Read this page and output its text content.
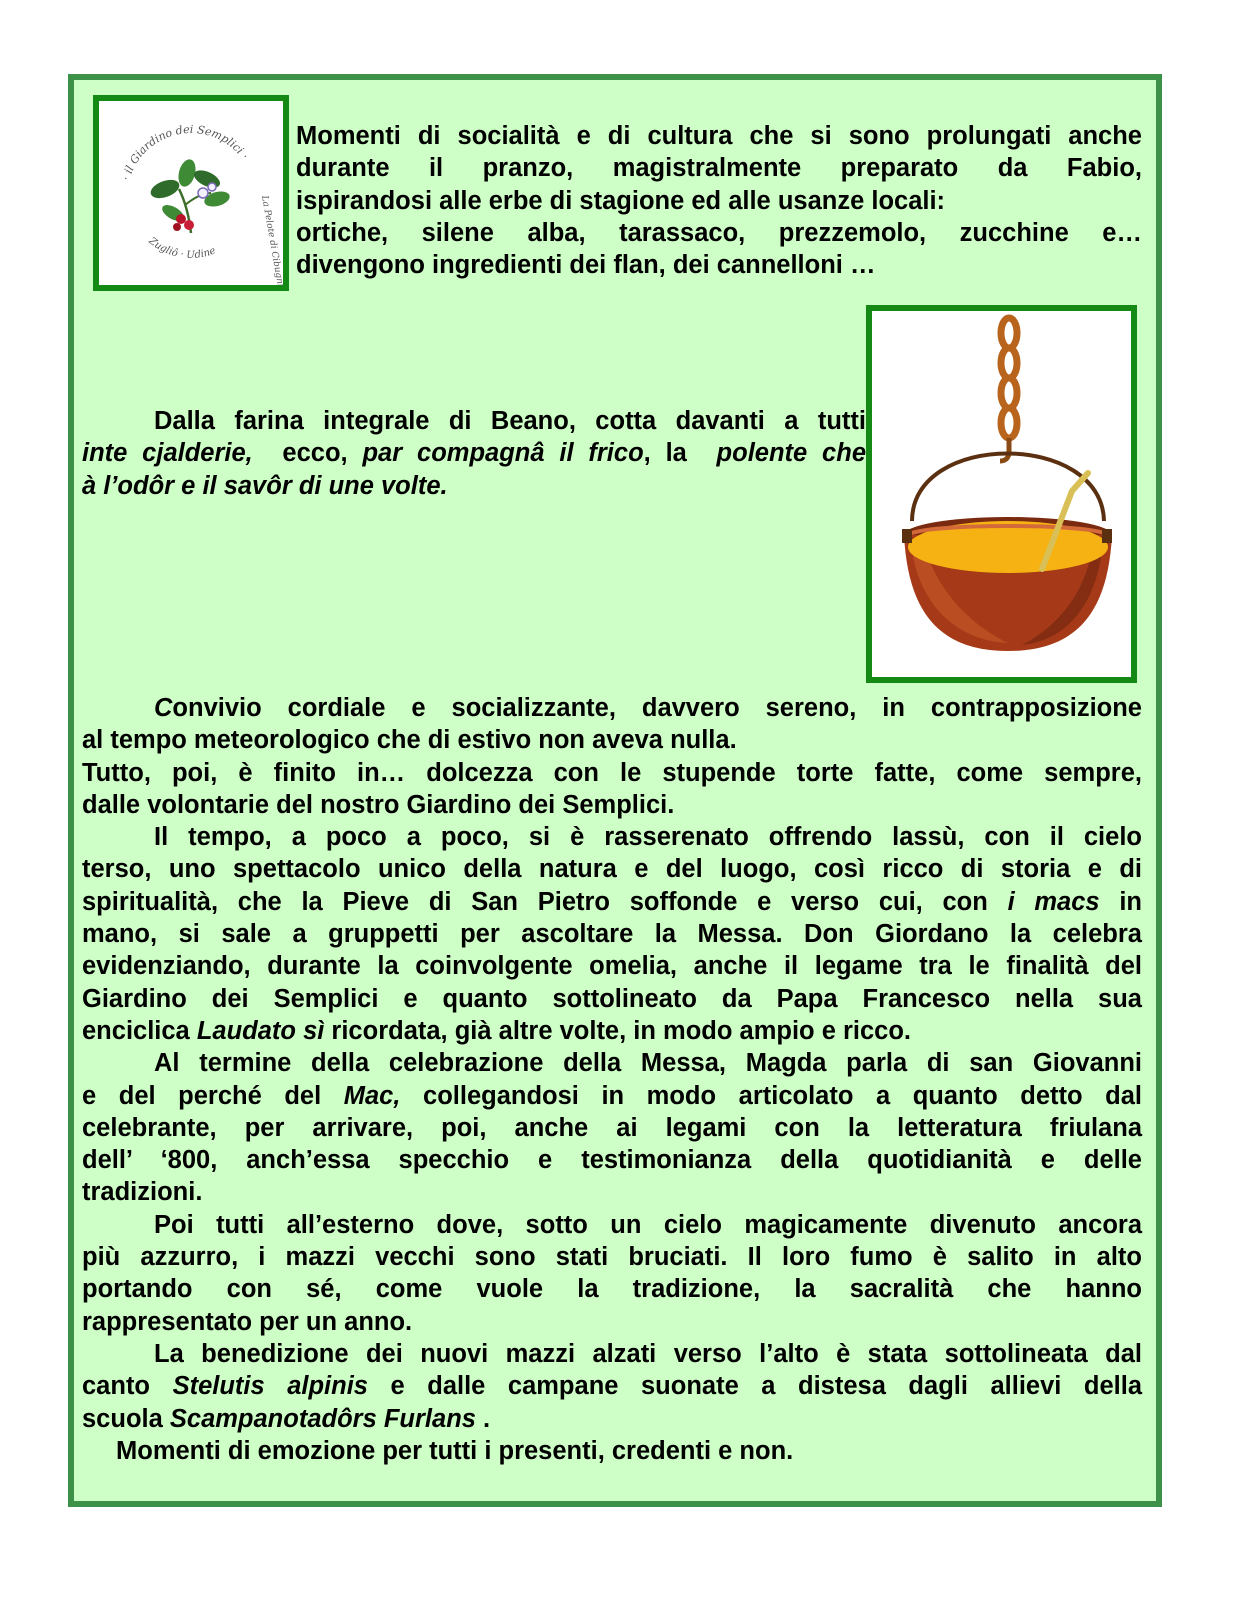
· il Giardino dei Semplici ·
Zugliô · Udine
La Pelote di Cibugnis
Momenti di socialità e di cultura che si sono prolungati anche
durante il pranzo, magistralmente preparato da Fabio,
ispirandosi alle erbe di stagione ed alle usanze locali:
ortiche, silene alba, tarassaco, prezzemolo, zucchine e…
divengono ingredienti dei flan, dei cannelloni …
Dalla farina integrale di Beano, cotta davanti a tutti
inte cjalderie,  ecco, par compagnâ il frico, la  polente che
à l’odôr e il savôr di une volte.
Convivio cordiale e socializzante, davvero sereno, in contrapposizione
al tempo meteorologico che di estivo non aveva nulla.
Tutto, poi, è finito in… dolcezza con le stupende torte fatte, come sempre,
dalle volontarie del nostro Giardino dei Semplici.
Il tempo, a poco a poco, si è rasserenato offrendo lassù, con il cielo
terso, uno spettacolo unico della natura e del luogo, così ricco di storia e di
spiritualità, che la Pieve di San Pietro soffonde e verso cui, con i macs in
mano, si sale a gruppetti per ascoltare la Messa. Don Giordano la celebra
evidenziando, durante la coinvolgente omelia, anche il legame tra le finalità del
Giardino dei Semplici e quanto sottolineato da Papa Francesco nella sua
enciclica Laudato sì ricordata, già altre volte, in modo ampio e ricco.
Al termine della celebrazione della Messa, Magda parla di san Giovanni
e del perché del Mac, collegandosi in modo articolato a quanto detto dal
celebrante, per arrivare, poi, anche ai legami con la letteratura friulana
dell’ ‘800, anch’essa specchio e testimonianza della quotidianità e delle
tradizioni.
Poi tutti all’esterno dove, sotto un cielo magicamente divenuto ancora
più azzurro, i mazzi vecchi sono stati bruciati. Il loro fumo è salito in alto
portando con sé, come vuole la tradizione, la sacralità che hanno
rappresentato per un anno.
La benedizione dei nuovi mazzi alzati verso l’alto è stata sottolineata dal
canto Stelutis alpinis e dalle campane suonate a distesa dagli allievi della
scuola Scampanotadôrs Furlans .
Momenti di emozione per tutti i presenti, credenti e non.
